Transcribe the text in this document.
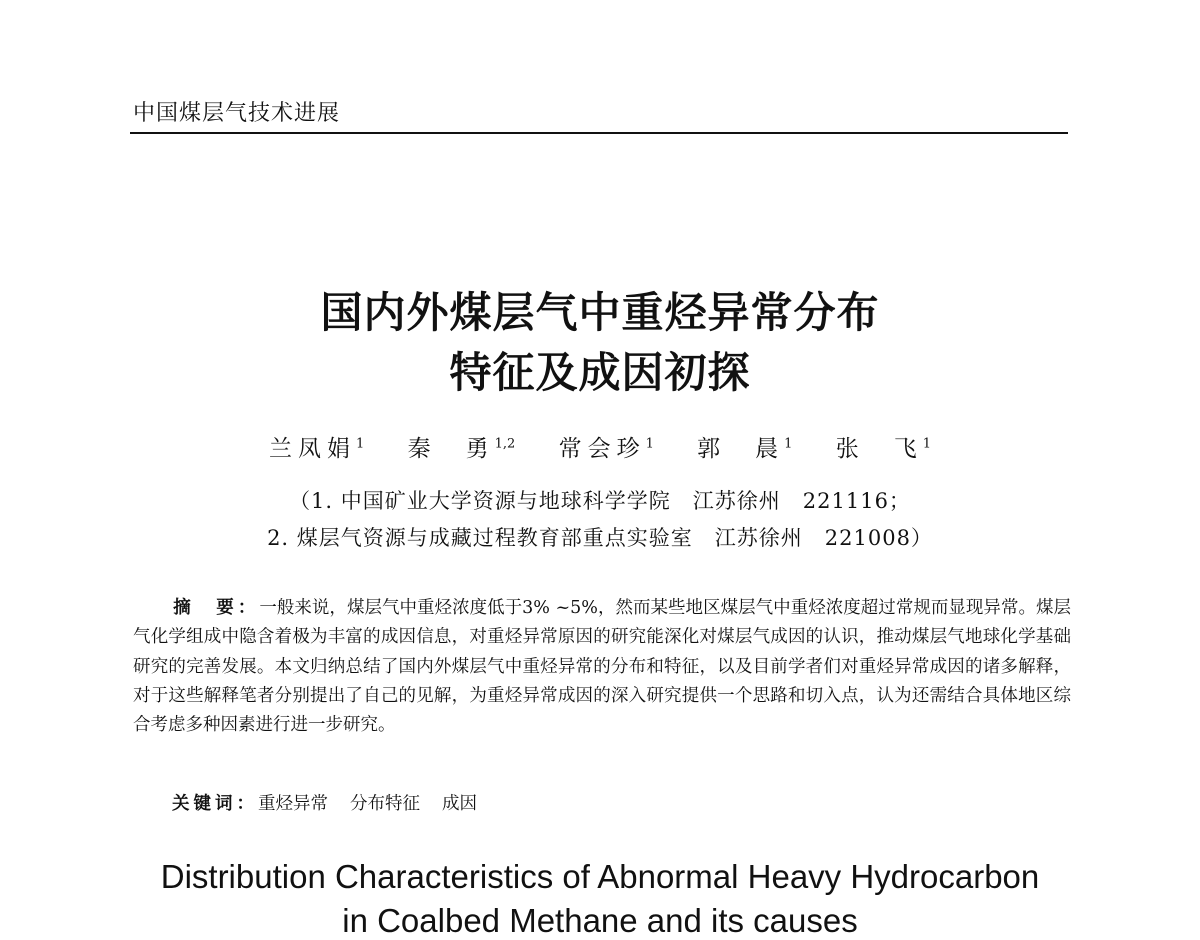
中国煤层气技术进展
国内外煤层气中重烃异常分布
特征及成因初探
兰凤娟$^1$ 秦　勇$^{1,2}$ 常会珍$^1$ 郭　晨$^1$ 张　飞$^1$
（1. 中国矿业大学资源与地球科学学院　江苏徐州　221116；
2. 煤层气资源与成藏过程教育部重点实验室　江苏徐州　221008）
摘　要：一般来说，煤层气中重烃浓度低于3% ~5%，然而某些地区煤层气中重烃浓度超过常规而显现异常。煤层气化学组成中隐含着极为丰富的成因信息，对重烃异常原因的研究能深化对煤层气成因的认识，推动煤层气地球化学基础研究的完善发展。本文归纳总结了国内外煤层气中重烃异常的分布和特征，以及目前学者们对重烃异常成因的诸多解释，对于这些解释笔者分别提出了自己的见解，为重烃异常成因的深入研究提供一个思路和切入点，认为还需结合具体地区综合考虑多种因素进行进一步研究。
关键词：重烃异常 分布特征 成因
Distribution Characteristics of Abnormal Heavy Hydrocarbon
in Coalbed Methane and its causes
